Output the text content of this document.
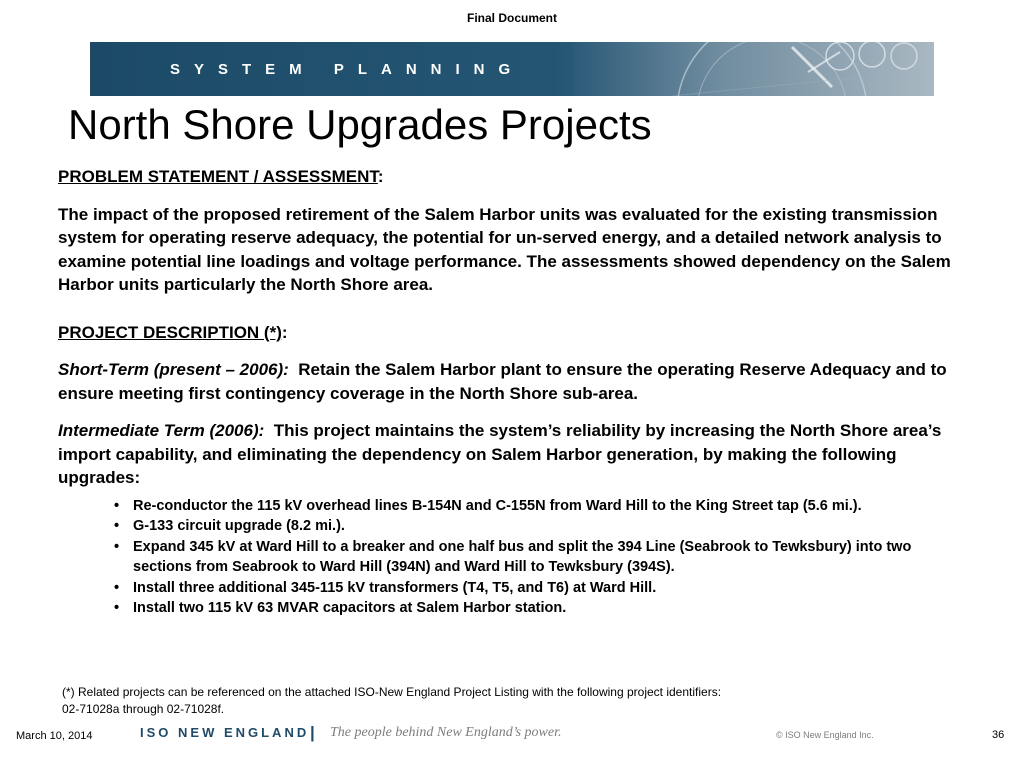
Final Document
SYSTEM PLANNING
North Shore Upgrades Projects

PROBLEM STATEMENT / ASSESSMENT:

The impact of the proposed retirement of the Salem Harbor units was evaluated for the existing transmission system for operating reserve adequacy, the potential for un-served energy, and a detailed network analysis to examine potential line loadings and voltage performance. The assessments showed dependency on the Salem Harbor units particularly the North Shore area.

PROJECT DESCRIPTION (*):

Short-Term (present – 2006): Retain the Salem Harbor plant to ensure the operating Reserve Adequacy and to ensure meeting first contingency coverage in the North Shore sub-area.

Intermediate Term (2006): This project maintains the system’s reliability by increasing the North Shore area’s import capability, and eliminating the dependency on Salem Harbor generation, by making the following upgrades:

• Re-conductor the 115 kV overhead lines B-154N and C-155N from Ward Hill to the King Street tap (5.6 mi.).
• G-133 circuit upgrade (8.2 mi.).
• Expand 345 kV at Ward Hill to a breaker and one half bus and split the 394 Line (Seabrook to Tewksbury) into two sections from Seabrook to Ward Hill (394N) and Ward Hill to Tewksbury (394S).
• Install three additional 345-115 kV transformers (T4, T5, and T6) at Ward Hill.
• Install two 115 kV 63 MVAR capacitors at Salem Harbor station.
(*) Related projects can be referenced on the attached ISO-New England Project Listing with the following project identifiers:
02-71028a through 02-71028f.
March 10, 2014	ISO NEW ENGLAND | The people behind New England’s power.	© ISO New England Inc.	36
